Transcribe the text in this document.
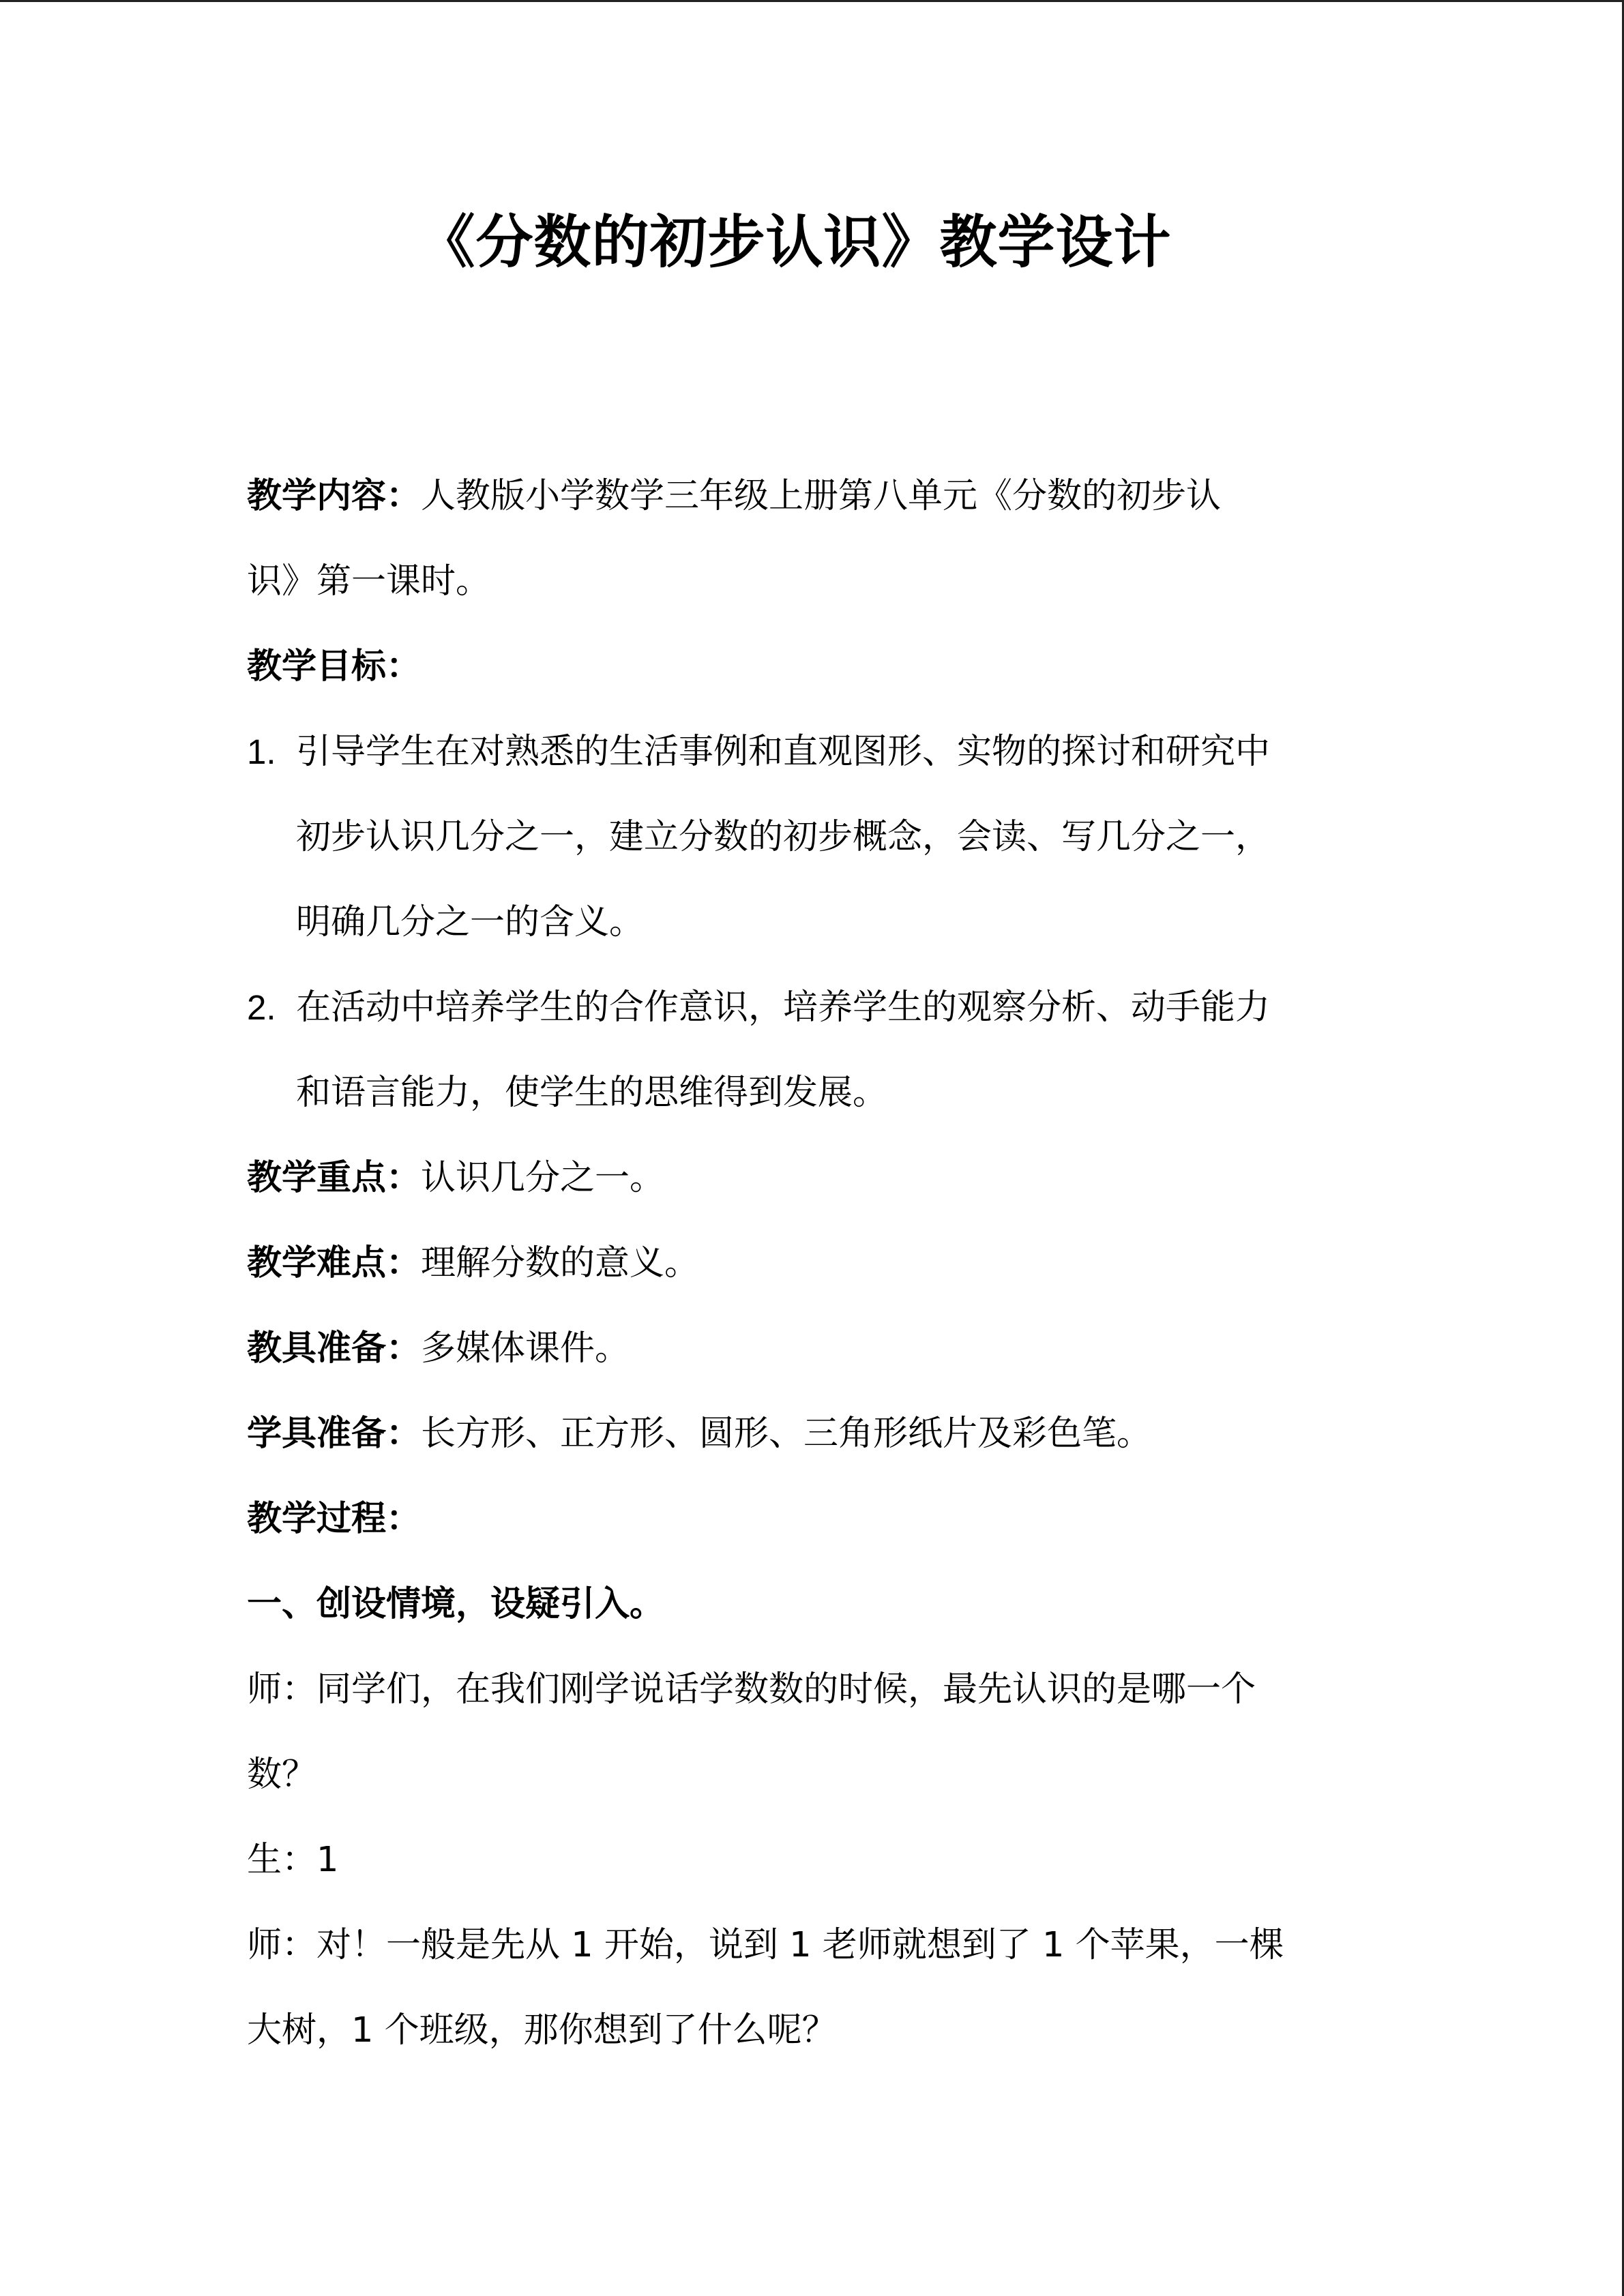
《分数的初步认识》教学设计
教学内容：人教版小学数学三年级上册第八单元《分数的初步认
识》第一课时。
教学目标：
1. 引导学生在对熟悉的生活事例和直观图形、实物的探讨和研究中
初步认识几分之一，建立分数的初步概念，会读、写几分之一，
明确几分之一的含义。
2. 在活动中培养学生的合作意识，培养学生的观察分析、动手能力
和语言能力，使学生的思维得到发展。
教学重点：认识几分之一。
教学难点：理解分数的意义。
教具准备：多媒体课件。
学具准备：长方形、正方形、圆形、三角形纸片及彩色笔。
教学过程：
一、创设情境，设疑引入。
师：同学们，在我们刚学说话学数数的时候，最先认识的是哪一个
数？
生：1
师：对！一般是先从 1 开始，说到 1 老师就想到了 1 个苹果，一棵
大树，1 个班级，那你想到了什么呢？
